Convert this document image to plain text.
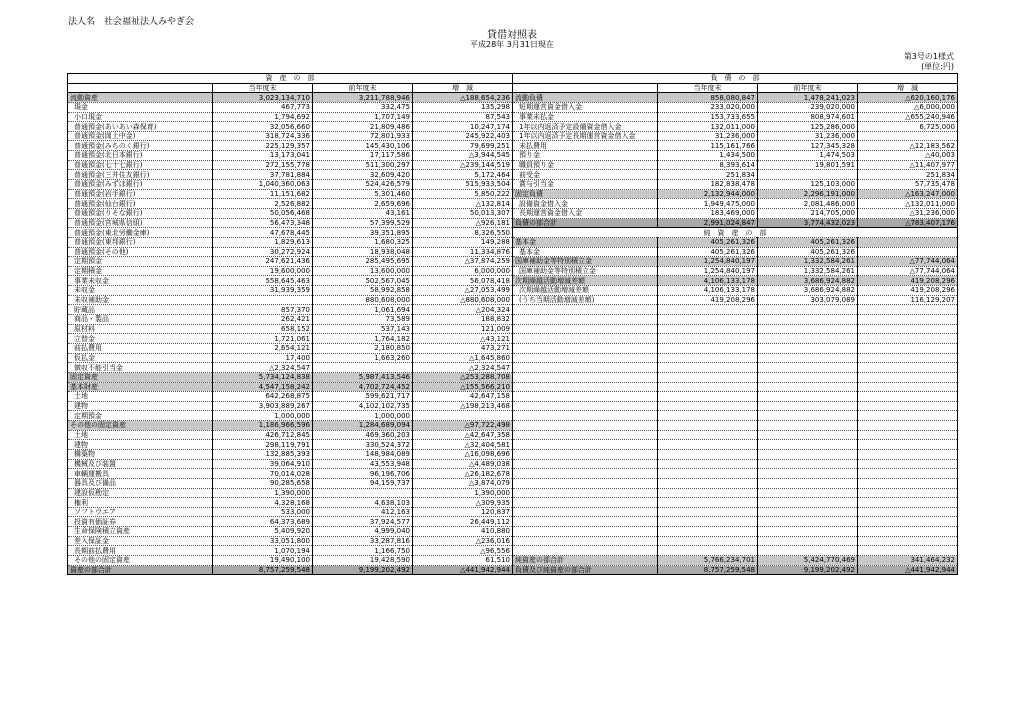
法人名　社会福祉法人みやぎ会
貸借対照表
平成28年 3月31日現在
第3号の1様式
(単位:円)
資　産　の　部			
	当年度末	前年度末	増　減
流動資産	3,023,134,710	3,211,788,946	△188,654,236
現金	467,773	332,475	135,298
小口現金	1,794,692	1,707,149	87,543
普通預金(あいあい森保育)	32,056,660	21,809,486	10,247,174
普通預金(岡上中金)	318,724,336	72,801,933	245,922,403
普通預金(みちのく銀行)	225,129,357	145,430,106	79,699,251
普通預金(北日本銀行)	13,173,041	17,117,586	△3,944,545
普通預金(七十七銀行)	272,155,778	511,300,297	△239,144,519
普通預金(三井住友銀行)	37,781,884	32,609,420	5,172,464
普通預金(みずほ銀行)	1,040,360,063	524,426,579	515,933,504
普通預金(岩手銀行)	11,151,682	5,301,460	5,850,222
普通預金(仙台銀行)	2,526,882	2,659,696	△132,814
普通預金(りそな銀行)	50,056,468	43,161	50,013,307
普通預金(宮城県信組)	56,473,348	57,399,529	△926,181
普通預金(東北労働金庫)	47,678,445	39,351,895	8,326,550
普通預金(東邦銀行)	1,829,613	1,680,325	149,288
普通預金(その他)	30,272,924	18,938,048	11,334,876
定期預金	247,621,436	285,495,695	△37,874,259
定期積金	19,600,000	13,600,000	6,000,000
事業未収金	558,645,463	502,567,045	56,078,418
未収金	31,939,359	58,992,858	△27,053,499
未収補助金		880,608,000	△880,608,000
貯蔵品	857,370	1,061,694	△204,324
商品・製品	262,421	73,589	188,832
原材料	658,152	537,143	121,009
立替金	1,721,061	1,764,182	△43,121
前払費用	2,654,121	2,180,850	473,271
仮払金	17,400	1,663,260	△1,645,860
徴収不能引当金	△2,324,547		△2,324,547
固定資産	5,734,124,838	5,987,413,546	△253,288,708
基本財産	4,547,158,242	4,702,724,452	△155,566,210
土地	642,268,875	599,621,717	42,647,158
建物	3,903,889,267	4,102,102,735	△198,213,468
定期預金	1,000,000	1,000,000	
その他の固定資産	1,186,966,596	1,284,689,094	△97,722,498
土地	426,712,845	469,360,203	△42,647,358
建物	298,119,791	330,524,372	△32,404,581
構築物	132,885,393	148,984,089	△16,098,696
機械及び装置	39,064,910	43,553,948	△4,489,038
車輌運搬具	70,014,028	96,196,706	△26,182,678
器具及び備品	90,285,658	94,159,737	△3,874,079
建設仮勘定	1,390,000		1,390,000
権利	4,328,168	4,638,103	△309,935
ソフトウエア	533,000	412,163	120,837
投資有価証券	64,373,689	37,924,577	26,449,112
生命保険積立資産	5,409,920	4,999,040	410,880
差入保証金	33,051,800	33,287,816	△236,016
長期前払費用	1,070,194	1,166,750	△96,556
その他の固定資産	19,490,100	19,428,590	61,510
資産の部合計	8,757,259,548	9,199,202,492	△441,942,944
負　債　の　部			
	当年度末	前年度末	増　減
流動負債	858,080,847	1,478,241,023	△620,160,176
短期運営資金借入金	233,020,000	239,020,000	△6,000,000
事業未払金	153,733,655	808,974,601	△655,240,946
1年以内返済予定設備資金借入金	132,011,000	125,286,000	6,725,000
1年以内返済予定長期運営資金借入金	31,236,000	31,236,000	
未払費用	115,161,766	127,345,328	△12,183,562
預り金	1,434,500	1,474,503	△40,003
職員預り金	8,393,614	19,801,591	△11,407,977
前受金	251,834		251,834
賞与引当金	182,838,478	125,103,000	57,735,478
固定負債	2,132,944,000	2,296,191,000	△163,247,000
設備資金借入金	1,949,475,000	2,081,486,000	△132,011,000
長期運営資金借入金	183,469,000	214,705,000	△31,236,000
負債の部合計	2,991,024,847	3,774,432,023	△783,407,176
純　資　産　の　部			
基本金	405,261,326	405,261,326	
基本金	405,261,326	405,261,326	
国庫補助金等特別積立金	1,254,840,197	1,332,584,261	△77,744,064
国庫補助金等特別積立金	1,254,840,197	1,332,584,261	△77,744,064
次期繰越活動増減差額	4,106,133,178	3,686,924,882	419,208,296
次期繰越活動増減差額	4,106,133,178	3,686,924,882	419,208,296
(うち当期活動増減差額)	419,208,296	303,079,089	116,129,207

純資産の部合計	5,766,234,701	5,424,770,469	341,464,232
負債及び純資産の部合計	8,757,259,548	9,199,202,492	△441,942,944
